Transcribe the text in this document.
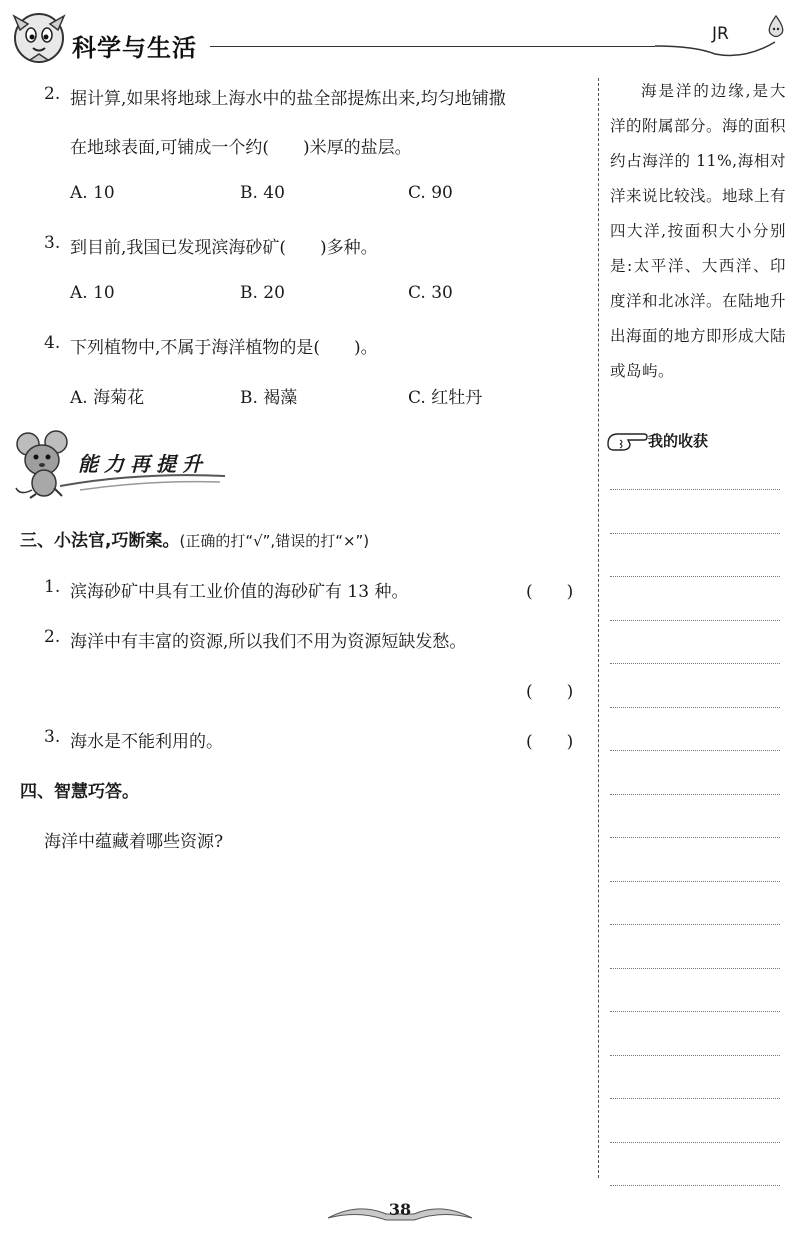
科学与生活	JR
2. 据计算,如果将地球上海水中的盐全部提炼出来,均匀地铺撒
在地球表面,可铺成一个约(　　)米厚的盐层。
A. 10	B. 40	C. 90
3. 到目前,我国已发现滨海砂矿(　　)多种。
A. 10	B. 20	C. 30
4. 下列植物中,不属于海洋植物的是(　　)。
A. 海菊花	B. 褐藻	C. 红牡丹
能力再提升
三、小法官,巧断案。(正确的打“√”,错误的打“×”)
1. 滨海砂矿中具有工业价值的海砂矿有 13 种。	(　　)
2. 海洋中有丰富的资源,所以我们不用为资源短缺发愁。
(　　)
3. 海水是不能利用的。	(　　)
四、智慧巧答。
海洋中蕴藏着哪些资源?
海是洋的边缘,是大洋的附属部分。海的面积约占海洋的 11%,海相对洋来说比较浅。地球上有四大洋,按面积大小分别是:太平洋、大西洋、印度洋和北冰洋。在陆地升出海面的地方即形成大陆或岛屿。
我的收获
38
